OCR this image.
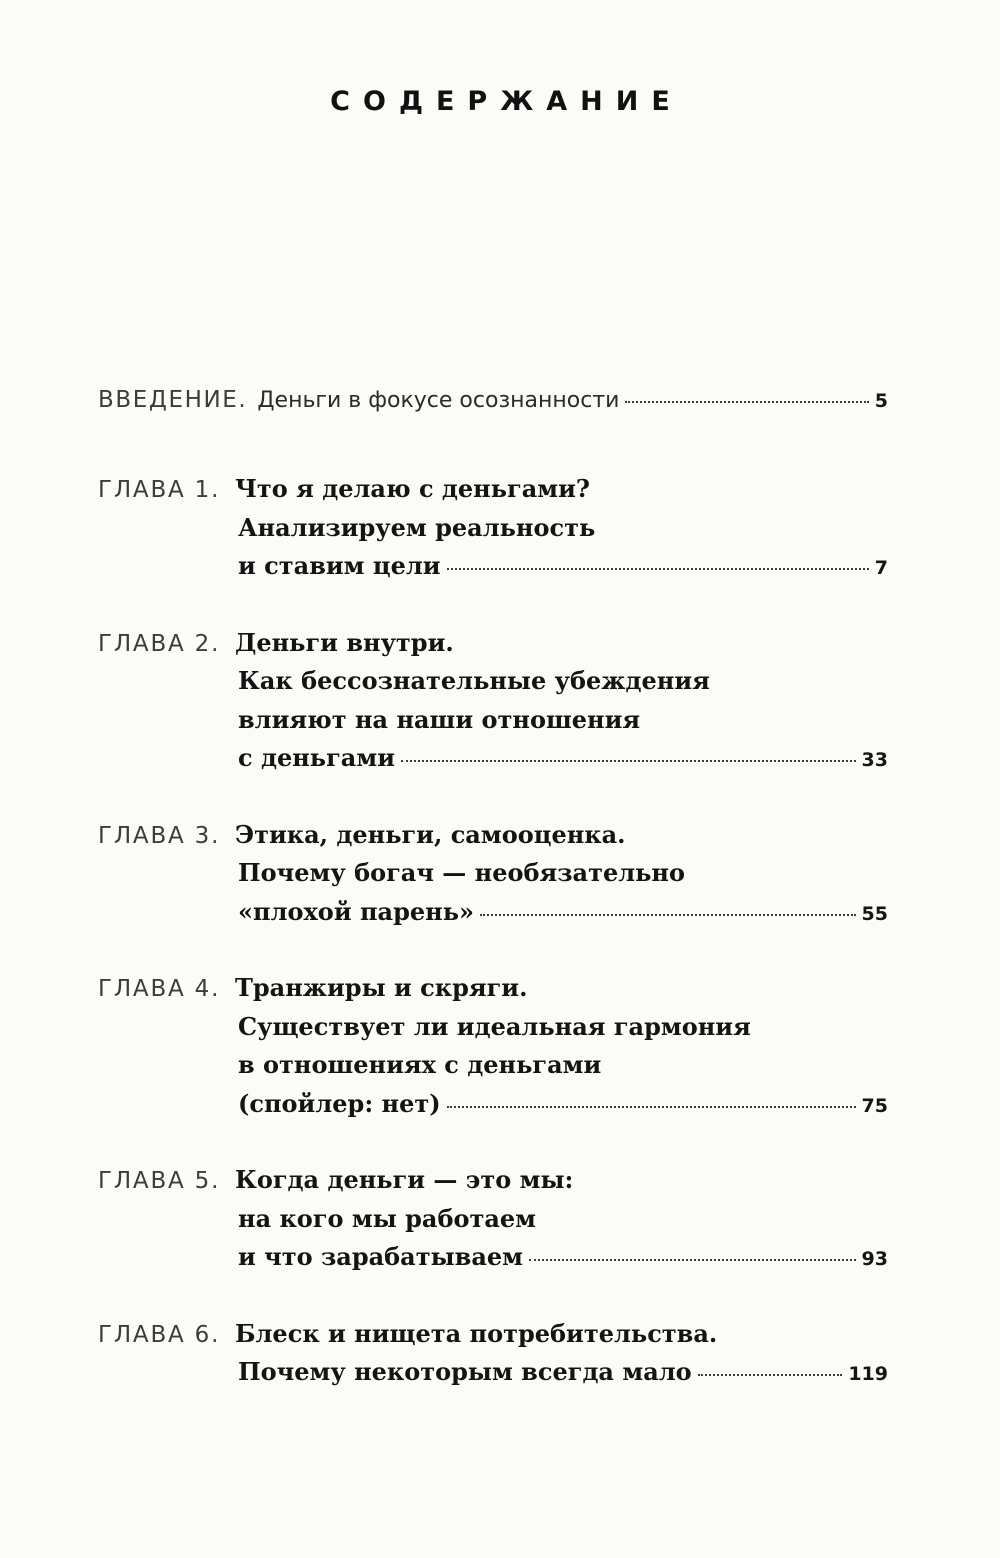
СОДЕРЖАНИЕ
ВВЕДЕНИЕ. Деньги в фокусе осознанности	5
ГЛАВА 1. Что я делаю с деньгами?
Анализируем реальность
и ставим цели	7
ГЛАВА 2. Деньги внутри.
Как бессознательные убеждения
влияют на наши отношения
с деньгами	33
ГЛАВА 3. Этика, деньги, самооценка.
Почему богач — необязательно
«плохой парень»	55
ГЛАВА 4. Транжиры и скряги.
Существует ли идеальная гармония
в отношениях с деньгами
(спойлер: нет)	75
ГЛАВА 5. Когда деньги — это мы:
на кого мы работаем
и что зарабатываем	93
ГЛАВА 6. Блеск и нищета потребительства.
Почему некоторым всегда мало	119
